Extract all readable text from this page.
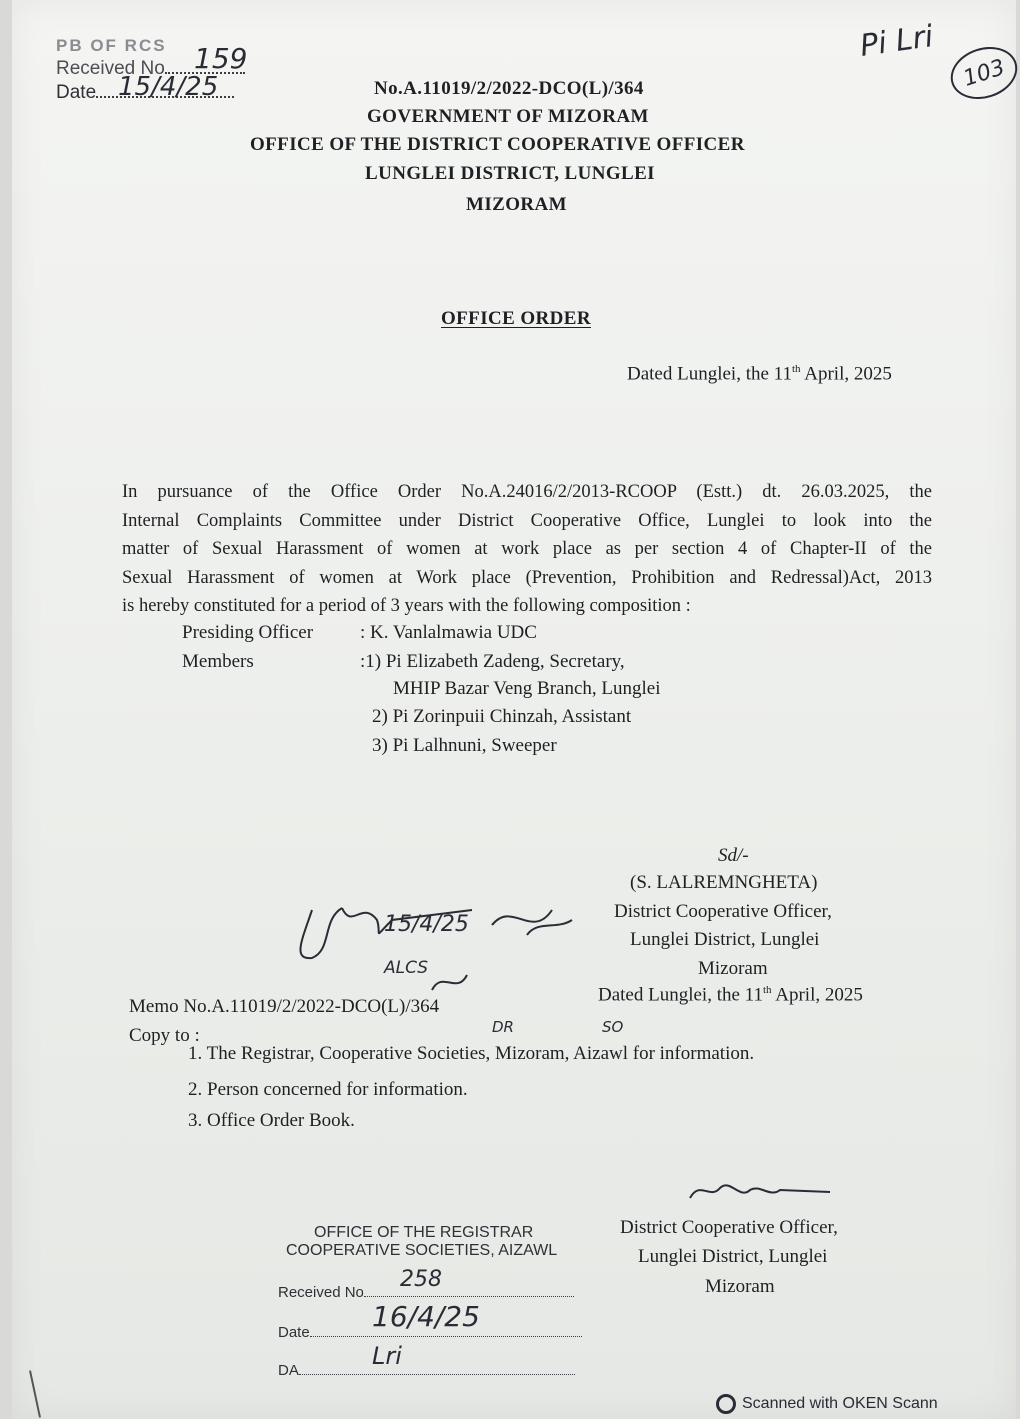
PB OF RCS
Received No 159
Date 15/4/25
Pi Lri
103
No.A.11019/2/2022-DCO(L)/364
GOVERNMENT OF MIZORAM
OFFICE OF THE DISTRICT COOPERATIVE OFFICER
LUNGLEI DISTRICT, LUNGLEI
MIZORAM
OFFICE ORDER
Dated Lunglei, the 11th April, 2025
In pursuance of the Office Order No.A.24016/2/2013-RCOOP (Estt.) dt. 26.03.2025, the
Internal Complaints Committee under District Cooperative Office, Lunglei to look into the
matter of Sexual Harassment of women at work place as per section 4 of Chapter-II of the
Sexual Harassment of women at Work place (Prevention, Prohibition and Redressal)Act, 2013
is hereby constituted for a period of 3 years with the following composition :
Presiding Officer : K. Vanlalmawia UDC
Members	:1) Pi Elizabeth Zadeng, Secretary,
MHIP Bazar Veng Branch, Lunglei
2) Pi Zorinpuii Chinzah, Assistant
3) Pi Lalhnuni, Sweeper
Sd/-
(S. LALREMNGHETA)
District Cooperative Officer,
Lunglei District, Lunglei
Mizoram
15/4/25
ALCS
DR	SO
Memo No.A.11019/2/2022-DCO(L)/364
Dated Lunglei, the 11th April, 2025
Copy to :
1. The Registrar, Cooperative Societies, Mizoram, Aizawl for information.
2. Person concerned for information.
3. Office Order Book.
OFFICE OF THE REGISTRAR
COOPERATIVE SOCIETIES, AIZAWL
Received No
258
Date	16/4/25
DA
Lri
District Cooperative Officer,
Lunglei District, Lunglei
Mizoram
Scanned with OKEN Scann
